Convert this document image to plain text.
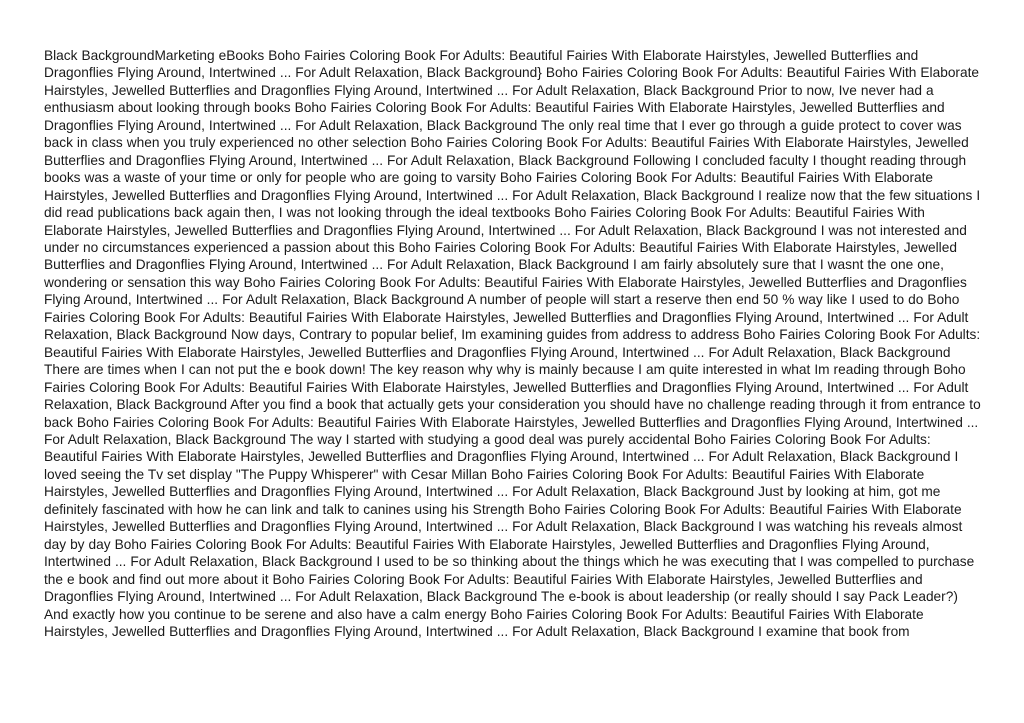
Black BackgroundMarketing eBooks Boho Fairies Coloring Book For Adults: Beautiful Fairies With Elaborate Hairstyles, Jewelled Butterflies and Dragonflies Flying Around, Intertwined ... For Adult Relaxation, Black Background} Boho Fairies Coloring Book For Adults: Beautiful Fairies With Elaborate Hairstyles, Jewelled Butterflies and Dragonflies Flying Around, Intertwined ... For Adult Relaxation, Black Background Prior to now, Ive never had a enthusiasm about looking through books Boho Fairies Coloring Book For Adults: Beautiful Fairies With Elaborate Hairstyles, Jewelled Butterflies and Dragonflies Flying Around, Intertwined ... For Adult Relaxation, Black Background The only real time that I ever go through a guide protect to cover was back in class when you truly experienced no other selection Boho Fairies Coloring Book For Adults: Beautiful Fairies With Elaborate Hairstyles, Jewelled Butterflies and Dragonflies Flying Around, Intertwined ... For Adult Relaxation, Black Background Following I concluded faculty I thought reading through books was a waste of your time or only for people who are going to varsity Boho Fairies Coloring Book For Adults: Beautiful Fairies With Elaborate Hairstyles, Jewelled Butterflies and Dragonflies Flying Around, Intertwined ... For Adult Relaxation, Black Background I realize now that the few situations I did read publications back again then, I was not looking through the ideal textbooks Boho Fairies Coloring Book For Adults: Beautiful Fairies With Elaborate Hairstyles, Jewelled Butterflies and Dragonflies Flying Around, Intertwined ... For Adult Relaxation, Black Background I was not interested and under no circumstances experienced a passion about this Boho Fairies Coloring Book For Adults: Beautiful Fairies With Elaborate Hairstyles, Jewelled Butterflies and Dragonflies Flying Around, Intertwined ... For Adult Relaxation, Black Background I am fairly absolutely sure that I wasnt the one one, wondering or sensation this way Boho Fairies Coloring Book For Adults: Beautiful Fairies With Elaborate Hairstyles, Jewelled Butterflies and Dragonflies Flying Around, Intertwined ... For Adult Relaxation, Black Background A number of people will start a reserve then end 50 % way like I used to do Boho Fairies Coloring Book For Adults: Beautiful Fairies With Elaborate Hairstyles, Jewelled Butterflies and Dragonflies Flying Around, Intertwined ... For Adult Relaxation, Black Background Now days, Contrary to popular belief, Im examining guides from address to address Boho Fairies Coloring Book For Adults: Beautiful Fairies With Elaborate Hairstyles, Jewelled Butterflies and Dragonflies Flying Around, Intertwined ... For Adult Relaxation, Black Background There are times when I can not put the e book down! The key reason why why is mainly because I am quite interested in what Im reading through Boho Fairies Coloring Book For Adults: Beautiful Fairies With Elaborate Hairstyles, Jewelled Butterflies and Dragonflies Flying Around, Intertwined ... For Adult Relaxation, Black Background After you find a book that actually gets your consideration you should have no challenge reading through it from entrance to back Boho Fairies Coloring Book For Adults: Beautiful Fairies With Elaborate Hairstyles, Jewelled Butterflies and Dragonflies Flying Around, Intertwined ... For Adult Relaxation, Black Background The way I started with studying a good deal was purely accidental Boho Fairies Coloring Book For Adults: Beautiful Fairies With Elaborate Hairstyles, Jewelled Butterflies and Dragonflies Flying Around, Intertwined ... For Adult Relaxation, Black Background I loved seeing the Tv set display "The Puppy Whisperer" with Cesar Millan Boho Fairies Coloring Book For Adults: Beautiful Fairies With Elaborate Hairstyles, Jewelled Butterflies and Dragonflies Flying Around, Intertwined ... For Adult Relaxation, Black Background Just by looking at him, got me definitely fascinated with how he can link and talk to canines using his Strength Boho Fairies Coloring Book For Adults: Beautiful Fairies With Elaborate Hairstyles, Jewelled Butterflies and Dragonflies Flying Around, Intertwined ... For Adult Relaxation, Black Background I was watching his reveals almost day by day Boho Fairies Coloring Book For Adults: Beautiful Fairies With Elaborate Hairstyles, Jewelled Butterflies and Dragonflies Flying Around, Intertwined ... For Adult Relaxation, Black Background I used to be so thinking about the things which he was executing that I was compelled to purchase the e book and find out more about it Boho Fairies Coloring Book For Adults: Beautiful Fairies With Elaborate Hairstyles, Jewelled Butterflies and Dragonflies Flying Around, Intertwined ... For Adult Relaxation, Black Background The e-book is about leadership (or really should I say Pack Leader?) And exactly how you continue to be serene and also have a calm energy Boho Fairies Coloring Book For Adults: Beautiful Fairies With Elaborate Hairstyles, Jewelled Butterflies and Dragonflies Flying Around, Intertwined ... For Adult Relaxation, Black Background I examine that book from
